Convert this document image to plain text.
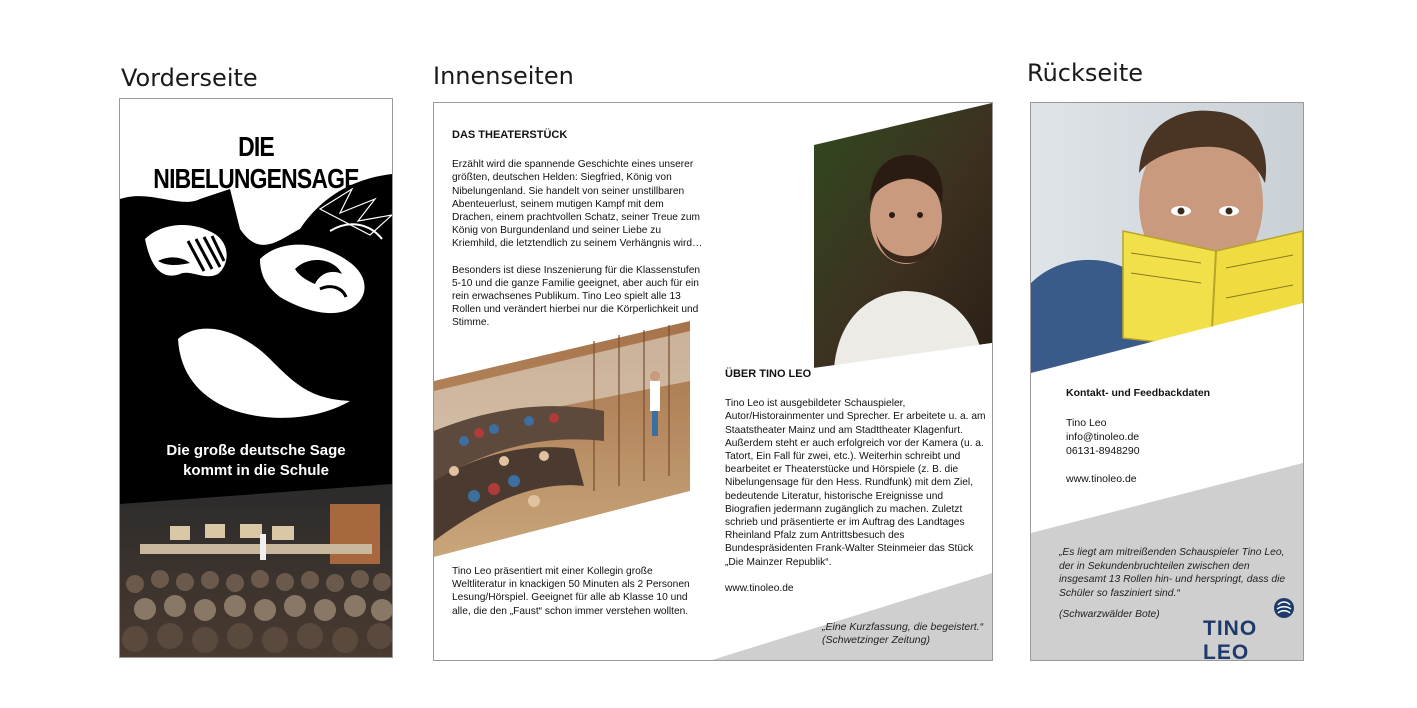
Vorderseite	Innenseiten	Rückseite
DIE NIBELUNGENSAGE
Die große deutsche Sage
kommt in die Schule
DAS THEATERSTÜCK

Erzählt wird die spannende Geschichte eines unserer größten, deutschen Helden: Siegfried, König von Nibelungenland. Sie handelt von seiner unstillbaren Abenteuerlust, seinem mutigen Kampf mit dem Drachen, einem prachtvollen Schatz, seiner Treue zum König von Burgundenland und seiner Liebe zu Kriemhild, die letztendlich zu seinem Verhängnis wird…

Besonders ist diese Inszenierung für die Klassenstufen 5-10 und die ganze Familie geeignet, aber auch für ein rein erwachsenes Publikum. Tino Leo spielt alle 13 Rollen und verändert hierbei nur die Körperlichkeit und Stimme.

Tino Leo präsentiert mit einer Kollegin große Weltliteratur in knackigen 50 Minuten als 2 Personen Lesung/Hörspiel. Geeignet für alle ab Klasse 10 und alle, die den „Faust“ schon immer verstehen wollten.

ÜBER TINO LEO

Tino Leo ist ausgebildeter Schauspieler, Autor/Historainmenter und Sprecher. Er arbeitete u. a. am Staatstheater Mainz und am Stadttheater Klagenfurt. Außerdem steht er auch erfolgreich vor der Kamera (u. a. Tatort, Ein Fall für zwei, etc.). Weiterhin schreibt und bearbeitet er Theaterstücke und Hörspiele (z. B. die Nibelungensage für den Hess. Rundfunk) mit dem Ziel, bedeutende Literatur, historische Ereignisse und Biografien jedermann zugänglich zu machen. Zuletzt schrieb und präsentierte er im Auftrag des Landtages Rheinland Pfalz zum Antrittsbesuch des Bundespräsidenten Frank-Walter Steinmeier das Stück „Die Mainzer Republik“.

www.tinoleo.de

„Eine Kurzfassung, die begeistert.“ (Schwetzinger Zeitung)
Kontakt- und Feedbackdaten
Tino Leo
info@tinoleo.de
06131-8948290
www.tinoleo.de
„Es liegt am mitreißenden Schauspieler Tino Leo, der in Sekundenbruchteilen zwischen den insgesamt 13 Rollen hin- und herspringt, dass die Schüler so fasziniert sind.“
(Schwarzwälder Bote)
TINO LEO
